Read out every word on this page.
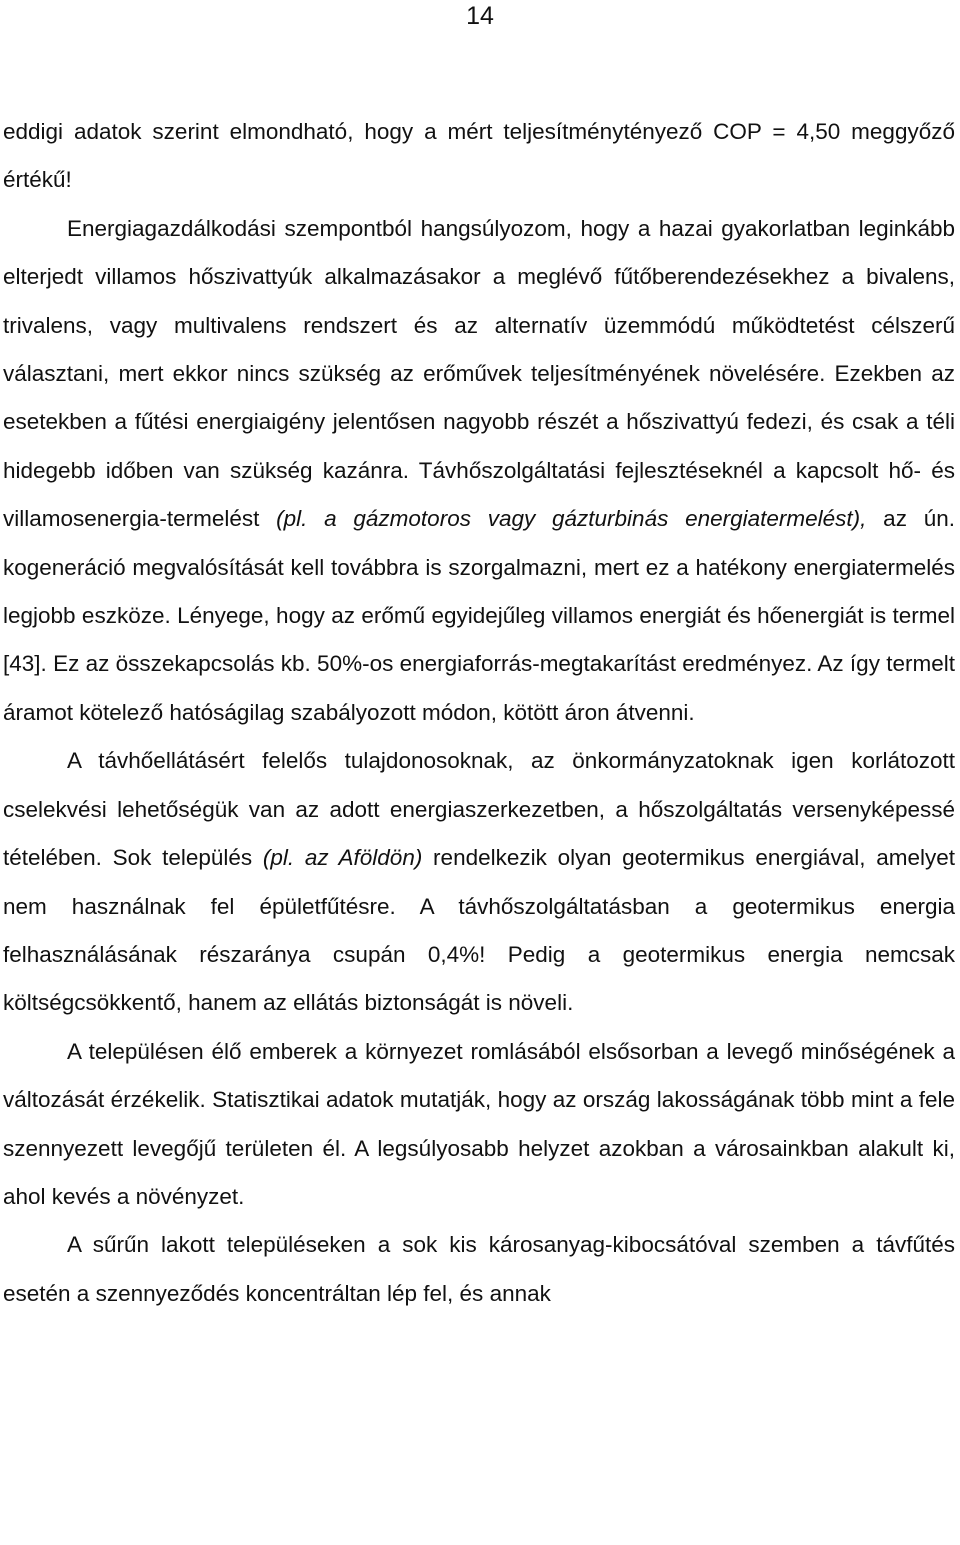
14

eddigi adatok szerint elmondható, hogy a mért teljesítménytényező COP = 4,50 meggyőző értékű!

Energiagazdálkodási szempontból hangsúlyozom, hogy a hazai gyakorlatban leginkább elterjedt villamos hőszivattyúk alkalmazásakor a meglévő fűtőberendezésekhez a bivalens, trivalens, vagy multivalens rendszert és az alternatív üzemmódú működtetést célszerű választani, mert ekkor nincs szükség az erőművek teljesítményének növelésére. Ezekben az esetekben a fűtési energiaigény jelentősen nagyobb részét a hőszivattyú fedezi, és csak a téli hidegebb időben van szükség kazánra. Távhőszolgáltatási fejlesztéseknél a kapcsolt hő- és villamosenergia-termelést (pl. a gázmotoros vagy gázturbinás energiatermelést), az ún. kogeneráció megvalósítását kell továbbra is szorgalmazni, mert ez a hatékony energiatermelés legjobb eszköze. Lényege, hogy az erőmű egyidejűleg villamos energiát és hőenergiát is termel [43]. Ez az összekapcsolás kb. 50%-os energiaforrás-megtakarítást eredményez. Az így termelt áramot kötelező hatóságilag szabályozott módon, kötött áron átvenni.

A távhőellátásért felelős tulajdonosoknak, az önkormányzatoknak igen korlátozott cselekvési lehetőségük van az adott energiaszerkezetben, a hőszolgáltatás versenyképessé tételében. Sok település (pl. az Aföldön) rendelkezik olyan geotermikus energiával, amelyet nem használnak fel épületfűtésre. A távhőszolgáltatásban a geotermikus energia felhasználásának részaránya csupán 0,4%! Pedig a geotermikus energia nemcsak költségcsökkentő, hanem az ellátás biztonságát is növeli.

A településen élő emberek a környezet romlásából elsősorban a levegő minőségének a változását érzékelik. Statisztikai adatok mutatják, hogy az ország lakosságának több mint a fele szennyezett levegőjű területen él. A legsúlyosabb helyzet azokban a városainkban alakult ki, ahol kevés a növényzet.

A sűrűn lakott településeken a sok kis károsanyag-kibocsátóval szemben a távfűtés esetén a szennyeződés koncentráltan lép fel, és annak
